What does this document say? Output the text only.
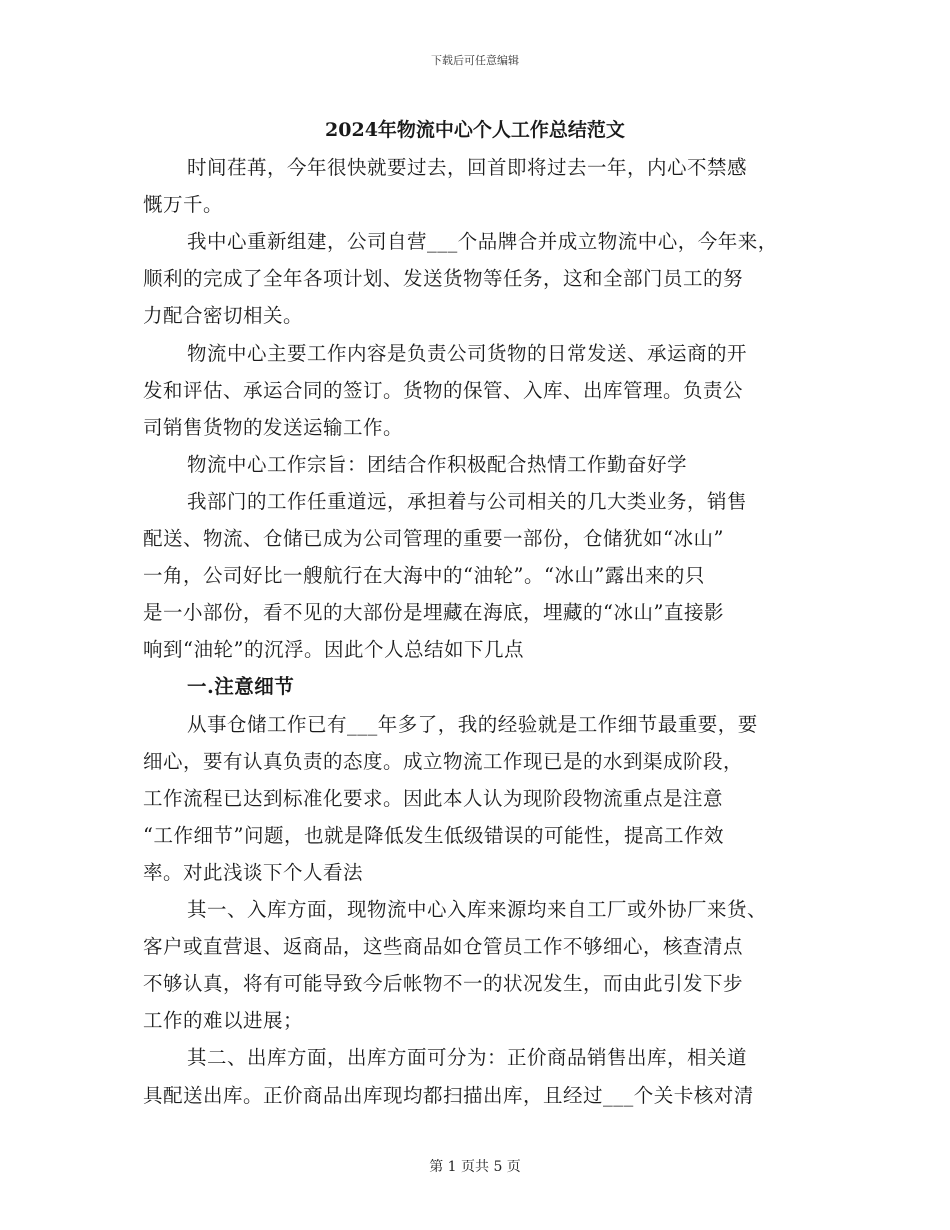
下载后可任意编辑
2024年物流中心个人工作总结范文
时间荏苒，今年很快就要过去，回首即将过去一年，内心不禁感
慨万千。
我中心重新组建，公司自营___个品牌合并成立物流中心，今年来，
顺利的完成了全年各项计划、发送货物等任务，这和全部门员工的努
力配合密切相关。
物流中心主要工作内容是负责公司货物的日常发送、承运商的开
发和评估、承运合同的签订。货物的保管、入库、出库管理。负责公
司销售货物的发送运输工作。
物流中心工作宗旨：团结合作积极配合热情工作勤奋好学
我部门的工作任重道远，承担着与公司相关的几大类业务，销售
配送、物流、仓储已成为公司管理的重要一部份，仓储犹如“冰山”
一角，公司好比一艘航行在大海中的“油轮”。“冰山”露出来的只
是一小部份，看不见的大部份是埋藏在海底，埋藏的“冰山”直接影
响到“油轮”的沉浮。因此个人总结如下几点
一.注意细节
从事仓储工作已有___年多了，我的经验就是工作细节最重要，要
细心，要有认真负责的态度。成立物流工作现已是的水到渠成阶段，
工作流程已达到标准化要求。因此本人认为现阶段物流重点是注意
“工作细节”问题，也就是降低发生低级错误的可能性，提高工作效
率。对此浅谈下个人看法
其一、入库方面，现物流中心入库来源均来自工厂或外协厂来货、
客户或直营退、返商品，这些商品如仓管员工作不够细心，核查清点
不够认真，将有可能导致今后帐物不一的状况发生，而由此引发下步
工作的难以进展；
其二、出库方面，出库方面可分为：正价商品销售出库，相关道
具配送出库。正价商品出库现均都扫描出库，且经过___个关卡核对清
第 1 页共 5 页
